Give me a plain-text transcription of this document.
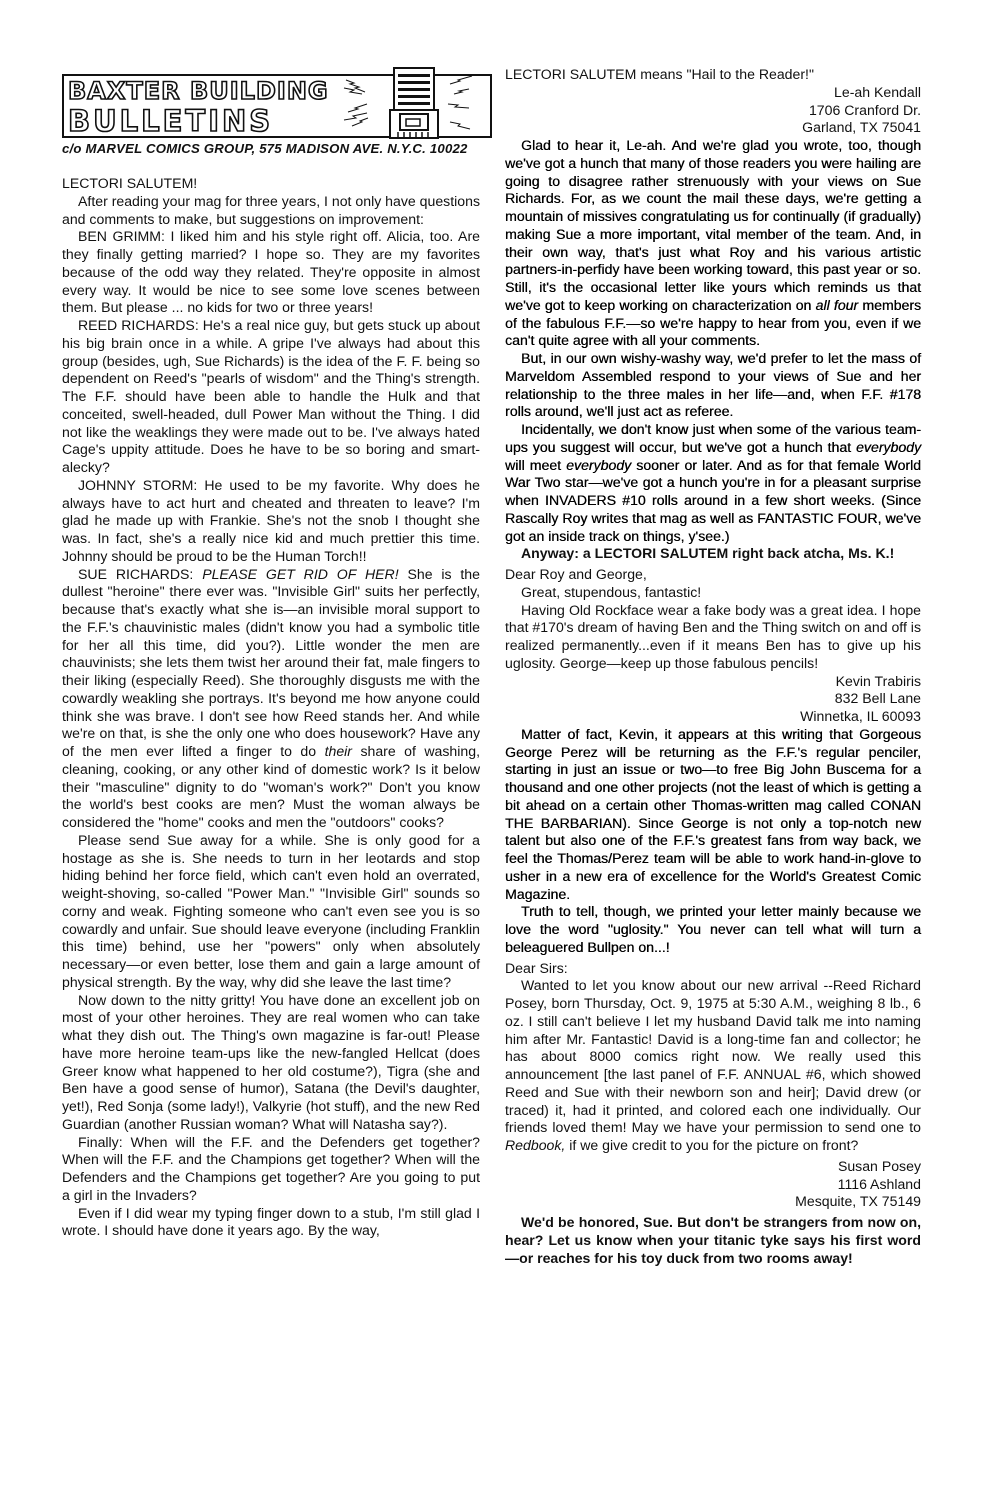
BAXTER BUILDING
BULLETINS
c/o MARVEL COMICS GROUP, 575 MADISON AVE. N.Y.C. 10022

LECTORI SALUTEM!

After reading your mag for three years, I not only have questions and comments to make, but suggestions on improvement:

BEN GRIMM: I liked him and his style right off. Alicia, too. Are they finally getting married? I hope so. They are my favorites because of the odd way they related. They're opposite in almost every way. It would be nice to see some love scenes between them. But please ... no kids for two or three years!

REED RICHARDS: He's a real nice guy, but gets stuck up about his big brain once in a while. A gripe I've always had about this group (besides, ugh, Sue Richards) is the idea of the F. F. being so dependent on Reed's "pearls of wisdom" and the Thing's strength. The F.F. should have been able to handle the Hulk and that conceited, swell-headed, dull Power Man without the Thing. I did not like the weaklings they were made out to be. I've always hated Cage's uppity attitude. Does he have to be so boring and smart-alecky?

JOHNNY STORM: He used to be my favorite. Why does he always have to act hurt and cheated and threaten to leave? I'm glad he made up with Frankie. She's not the snob I thought she was. In fact, she's a really nice kid and much prettier this time. Johnny should be proud to be the Human Torch!!

SUE RICHARDS: PLEASE GET RID OF HER! She is the dullest "heroine" there ever was. "Invisible Girl" suits her perfectly, because that's exactly what she is—an invisible moral support to the F.F.'s chauvinistic males (didn't know you had a symbolic title for her all this time, did you?). Little wonder the men are chauvinists; she lets them twist her around their fat, male fingers to their liking (especially Reed). She thoroughly disgusts me with the cowardly weakling she portrays. It's beyond me how anyone could think she was brave. I don't see how Reed stands her. And while we're on that, is she the only one who does housework? Have any of the men ever lifted a finger to do their share of washing, cleaning, cooking, or any other kind of domestic work? Is it below their "masculine" dignity to do "woman's work?" Don't you know the world's best cooks are men? Must the woman always be considered the "home" cooks and men the "outdoors" cooks?

Please send Sue away for a while. She is only good for a hostage as she is. She needs to turn in her leotards and stop hiding behind her force field, which can't even hold an overrated, weight-shoving, so-called "Power Man." "Invisible Girl" sounds so corny and weak. Fighting someone who can't even see you is so cowardly and unfair. Sue should leave everyone (including Franklin this time) behind, use her "powers" only when absolutely necessary—or even better, lose them and gain a large amount of physical strength. By the way, why did she leave the last time?

Now down to the nitty gritty! You have done an excellent job on most of your other heroines. They are real women who can take what they dish out. The Thing's own magazine is far-out! Please have more heroine team-ups like the new-fangled Hellcat (does Greer know what happened to her old costume?), Tigra (she and Ben have a good sense of humor), Satana (the Devil's daughter, yet!), Red Sonja (some lady!), Valkyrie (hot stuff), and the new Red Guardian (another Russian woman? What will Natasha say?).

Finally: When will the F.F. and the Defenders get together? When will the F.F. and the Champions get together? When will the Defenders and the Champions get together? Are you going to put a girl in the Invaders?

Even if I did wear my typing finger down to a stub, I'm still glad I wrote. I should have done it years ago. By the way,

LECTORI SALUTEM means "Hail to the Reader!"

Le-ah Kendall

1706 Cranford Dr.

Garland, TX 75041

Glad to hear it, Le-ah. And we're glad you wrote, too, though we've got a hunch that many of those readers you were hailing are going to disagree rather strenuously with your views on Sue Richards. For, as we count the mail these days, we're getting a mountain of missives congratulating us for continually (if gradually) making Sue a more important, vital member of the team. And, in their own way, that's just what Roy and his various artistic partners-in-perfidy have been working toward, this past year or so. Still, it's the occasional letter like yours which reminds us that we've got to keep working on characterization on all four members of the fabulous F.F.—so we're happy to hear from you, even if we can't quite agree with all your comments.

But, in our own wishy-washy way, we'd prefer to let the mass of Marveldom Assembled respond to your views of Sue and her relationship to the three males in her life—and, when F.F. #178 rolls around, we'll just act as referee.

Incidentally, we don't know just when some of the various team-ups you suggest will occur, but we've got a hunch that everybody will meet everybody sooner or later. And as for that female World War Two star—we've got a hunch you're in for a pleasant surprise when INVADERS #10 rolls around in a few short weeks. (Since Rascally Roy writes that mag as well as FANTASTIC FOUR, we've got an inside track on things, y'see.)

Anyway: a LECTORI SALUTEM right back atcha, Ms. K.!

Dear Roy and George,

Great, stupendous, fantastic!

Having Old Rockface wear a fake body was a great idea. I hope that #170's dream of having Ben and the Thing switch on and off is realized permanently...even if it means Ben has to give up his uglosity. George—keep up those fabulous pencils!

Kevin Trabiris

832 Bell Lane

Winnetka, IL 60093

Matter of fact, Kevin, it appears at this writing that Gorgeous George Perez will be returning as the F.F.'s regular penciler, starting in just an issue or two—to free Big John Buscema for a thousand and one other projects (not the least of which is getting a bit ahead on a certain other Thomas-written mag called CONAN THE BARBARIAN). Since George is not only a top-notch new talent but also one of the F.F.'s greatest fans from way back, we feel the Thomas/Perez team will be able to work hand-in-glove to usher in a new era of excellence for the World's Greatest Comic Magazine.

Truth to tell, though, we printed your letter mainly because we love the word "uglosity." You never can tell what will turn a beleaguered Bullpen on...!

Dear Sirs:

Wanted to let you know about our new arrival --Reed Richard Posey, born Thursday, Oct. 9, 1975 at 5:30 A.M., weighing 8 lb., 6 oz. I still can't believe I let my husband David talk me into naming him after Mr. Fantastic! David is a long-time fan and collector; he has about 8000 comics right now. We really used this announcement [the last panel of F.F. ANNUAL #6, which showed Reed and Sue with their newborn son and heir]; David drew (or traced) it, had it printed, and colored each one individually. Our friends loved them! May we have your permission to send one to Redbook, if we give credit to you for the picture on front?

Susan Posey

1116 Ashland

Mesquite, TX 75149

We'd be honored, Sue. But don't be strangers from now on, hear? Let us know when your titanic tyke says his first word—or reaches for his toy duck from two rooms away!
